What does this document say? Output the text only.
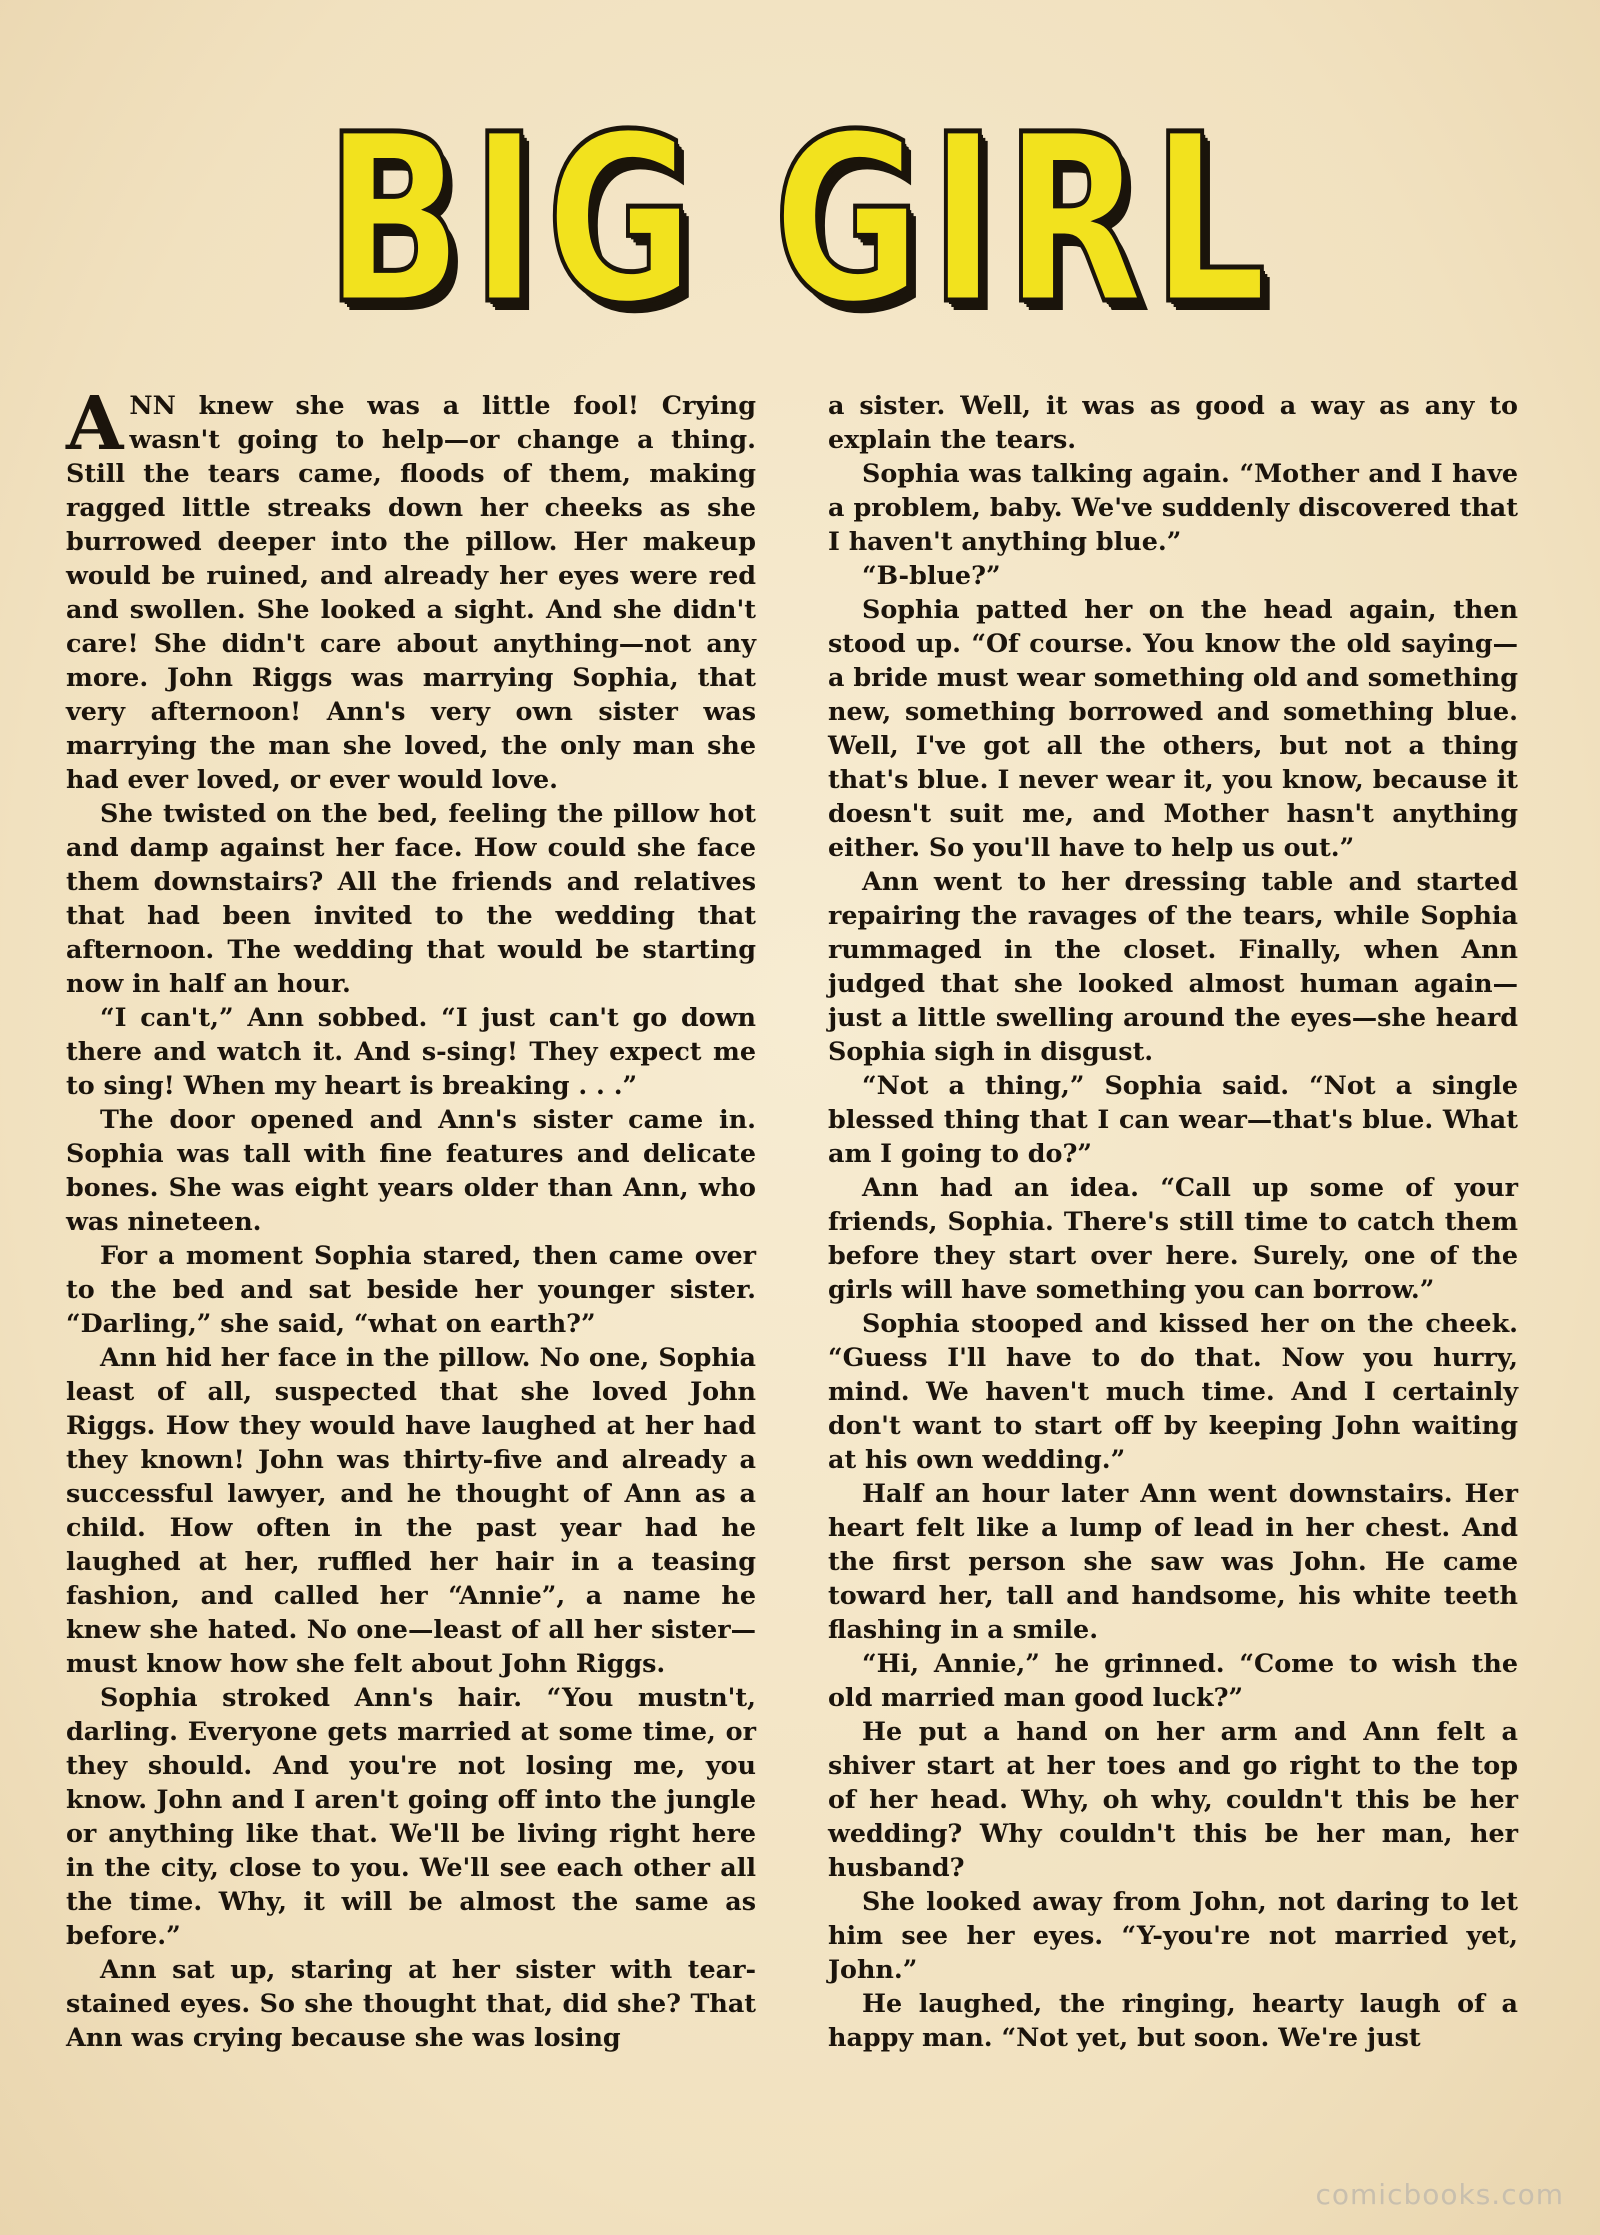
BIG GIRL

ANN knew she was a little fool! Crying wasn't going to help—or change a thing. Still the tears came, floods of them, making ragged little streaks down her cheeks as she burrowed deeper into the pillow. Her makeup would be ruined, and already her eyes were red and swollen. She looked a sight. And she didn't care! She didn't care about anything—not any more. John Riggs was marrying Sophia, that very afternoon! Ann's very own sister was marrying the man she loved, the only man she had ever loved, or ever would love.

She twisted on the bed, feeling the pillow hot and damp against her face. How could she face them downstairs? All the friends and relatives that had been invited to the wedding that afternoon. The wedding that would be starting now in half an hour.

“I can't,” Ann sobbed. “I just can't go down there and watch it. And s-sing! They expect me to sing! When my heart is breaking . . .”

The door opened and Ann's sister came in. Sophia was tall with fine features and delicate bones. She was eight years older than Ann, who was nineteen.

For a moment Sophia stared, then came over to the bed and sat beside her younger sister. “Darling,” she said, “what on earth?”

Ann hid her face in the pillow. No one, Sophia least of all, suspected that she loved John Riggs. How they would have laughed at her had they known! John was thirty-five and already a successful lawyer, and he thought of Ann as a child. How often in the past year had he laughed at her, ruffled her hair in a teasing fashion, and called her “Annie”, a name he knew she hated. No one—least of all her sister—must know how she felt about John Riggs.

Sophia stroked Ann's hair. “You mustn't, darling. Everyone gets married at some time, or they should. And you're not losing me, you know. John and I aren't going off into the jungle or anything like that. We'll be living right here in the city, close to you. We'll see each other all the time. Why, it will be almost the same as before.”

Ann sat up, staring at her sister with tear-stained eyes. So she thought that, did she? That Ann was crying because she was losing

a sister. Well, it was as good a way as any to explain the tears.

Sophia was talking again. “Mother and I have a problem, baby. We've suddenly discovered that I haven't anything blue.”

“B-blue?”

Sophia patted her on the head again, then stood up. “Of course. You know the old saying—a bride must wear something old and something new, something borrowed and something blue. Well, I've got all the others, but not a thing that's blue. I never wear it, you know, because it doesn't suit me, and Mother hasn't anything either. So you'll have to help us out.”

Ann went to her dressing table and started repairing the ravages of the tears, while Sophia rummaged in the closet. Finally, when Ann judged that she looked almost human again—just a little swelling around the eyes—she heard Sophia sigh in disgust.

“Not a thing,” Sophia said. “Not a single blessed thing that I can wear—that's blue. What am I going to do?”

Ann had an idea. “Call up some of your friends, Sophia. There's still time to catch them before they start over here. Surely, one of the girls will have something you can borrow.”

Sophia stooped and kissed her on the cheek. “Guess I'll have to do that. Now you hurry, mind. We haven't much time. And I certainly don't want to start off by keeping John waiting at his own wedding.”

Half an hour later Ann went downstairs. Her heart felt like a lump of lead in her chest. And the first person she saw was John. He came toward her, tall and handsome, his white teeth flashing in a smile.

“Hi, Annie,” he grinned. “Come to wish the old married man good luck?”

He put a hand on her arm and Ann felt a shiver start at her toes and go right to the top of her head. Why, oh why, couldn't this be her wedding? Why couldn't this be her man, her husband?

She looked away from John, not daring to let him see her eyes. “Y-you're not married yet, John.”

He laughed, the ringing, hearty laugh of a happy man. “Not yet, but soon. We're just

comicbooks.com
